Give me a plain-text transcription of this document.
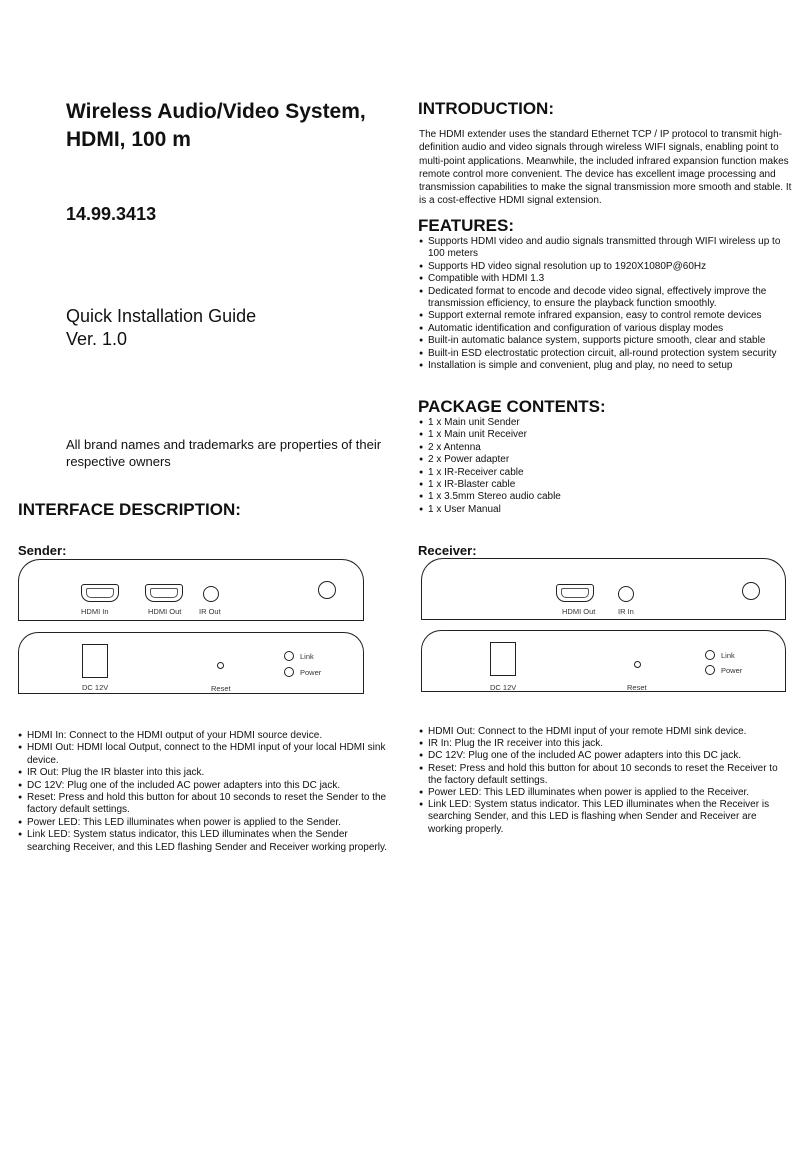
Wireless Audio/Video System, HDMI, 100 m
14.99.3413
Quick Installation Guide
Ver. 1.0
All brand names and trademarks are properties of their respective owners
INTERFACE DESCRIPTION:
INTRODUCTION:
The HDMI extender uses the standard Ethernet TCP / IP protocol to transmit high-definition audio and video signals through wireless WIFI signals, enabling point to multi-point applications. Meanwhile, the included infrared expansion function makes remote control more convenient. The device has excellent image processing and transmission capabilities to make the signal transmission more smooth and stable. It is a cost-effective HDMI signal extension.
FEATURES:
● Supports HDMI video and audio signals transmitted through WIFI wireless up to 100 meters
● Supports HD video signal resolution up to 1920X1080P@60Hz
● Compatible with HDMI 1.3
● Dedicated format to encode and decode video signal, effectively improve the transmission efficiency, to ensure the playback function smoothly.
● Support external remote infrared expansion, easy to control remote devices
● Automatic identification and configuration of various display modes
● Built-in automatic balance system, supports picture smooth, clear and stable
● Built-in ESD electrostatic protection circuit, all-round protection system security
● Installation is simple and convenient, plug and play, no need to setup
PACKAGE CONTENTS:
● 1 x Main unit Sender
● 1 x Main unit Receiver
● 2 x Antenna
● 2 x Power adapter
● 1 x IR-Receiver cable
● 1 x IR-Blaster cable
● 1 x 3.5mm Stereo audio cable
● 1 x User Manual
Sender:
HDMI In	HDMI Out IR Out
DC 12V	Reset
Link
Power
● HDMI In: Connect to the HDMI output of your HDMI source device.
● HDMI Out: HDMI local Output, connect to the HDMI input of your local HDMI sink device.
● IR Out: Plug the IR blaster into this jack.
● DC 12V: Plug one of the included AC power adapters into this DC jack.
● Reset: Press and hold this button for about 10 seconds to reset the Sender to the factory default settings.
● Power LED: This LED illuminates when power is applied to the Sender.
● Link LED: System status indicator, this LED illuminates when the Sender searching Receiver, and this LED flashing Sender and Receiver working properly.
Receiver:
HDMI Out	IR In
DC 12V	Reset
Link
Power
● HDMI Out: Connect to the HDMI input of your remote HDMI sink device.
● IR In: Plug the IR receiver into this jack.
● DC 12V: Plug one of the included AC power adapters into this DC jack.
● Reset: Press and hold this button for about 10 seconds to reset the Receiver to the factory default settings.
● Power LED: This LED illuminates when power is applied to the Receiver.
● Link LED: System status indicator. This LED illuminates when the Receiver is searching Sender, and this LED is flashing when Sender and Receiver are working properly.
